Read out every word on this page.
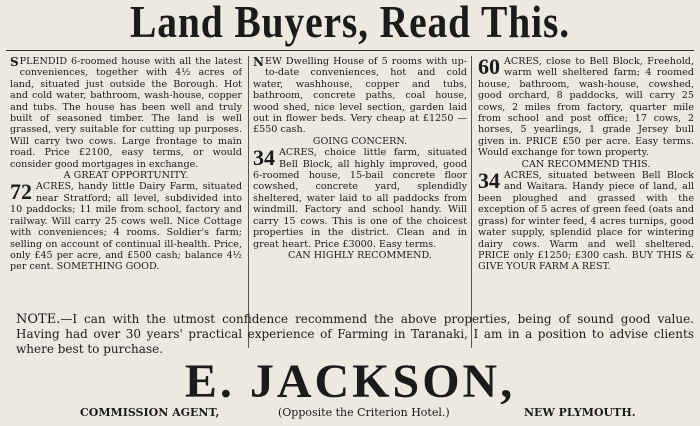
Land Buyers, Read This.

S PLENDID 6-roomed house with all the latest conveniences, together with 4½ acres of land, situated just outside the Borough. Hot and cold water, bathroom, wash-house, copper and tubs. The house has been well and truly built of seasoned timber. The land is well grassed, very suitable for cutting up purposes. Will carry two cows. Large frontage to main road. Price £2100, easy terms, or would consider good mortgages in exchange.
A GREAT OPPORTUNITY.

72 ACRES, handy little Dairy Farm, situated near Stratford; all level, subdivided into 10 paddocks; 11 mile from school, factory and railway. Will carry 25 cows well. Nice Cottage with conveniences; 4 rooms. Soldier's farm; selling on account of continual ill-health. Price, only £45 per acre, and £500 cash; balance 4½ per cent. SOMETHING GOOD.

N EW Dwelling House of 5 rooms with up-to-date conveniences, hot and cold water, washhouse, copper and tubs, bathroom, concrete paths, coal house, wood shed, nice level section, garden laid out in flower beds. Very cheap at £1250 — £550 cash.
GOING CONCERN.

34 ACRES, choice little farm, situated Bell Block, all highly improved, good 6-roomed house, 15-bail concrete floor cowshed, concrete yard, splendidly sheltered, water laid to all paddocks from windmill. Factory and school handy. Will carry 15 cows. This is one of the choicest properties in the district. Clean and in great heart. Price £3000. Easy terms.
CAN HIGHLY RECOMMEND.

60 ACRES, close to Bell Block, Freehold, warm well sheltered farm; 4 roomed house, bathroom, wash-house, cowshed, good orchard, 8 paddocks, will carry 25 cows, 2 miles from factory, quarter mile from school and post office; 17 cows, 2 horses, 5 yearlings, 1 grade Jersey bull given in. PRICE £50 per acre. Easy terms. Would exchange for town property.
CAN RECOMMEND THIS.

34 ACRES, situated between Bell Block and Waitara. Handy piece of land, all been ploughed and grassed with the exception of 5 acres of green feed (oats and grass) for winter feed, 4 acres turnips, good water supply, splendid place for wintering dairy cows. Warm and well sheltered. PRICE only £1250; £300 cash. BUY THIS & GIVE YOUR FARM A REST.

NOTE.—I can with the utmost confidence recommend the above properties, being of sound good value. Having had over 30 years' practical experience of Farming in Taranaki, I am in a position to advise clients where best to purchase.
E. JACKSON,
COMMISSION AGENT,	(Opposite the Criterion Hotel.)	NEW PLYMOUTH.
